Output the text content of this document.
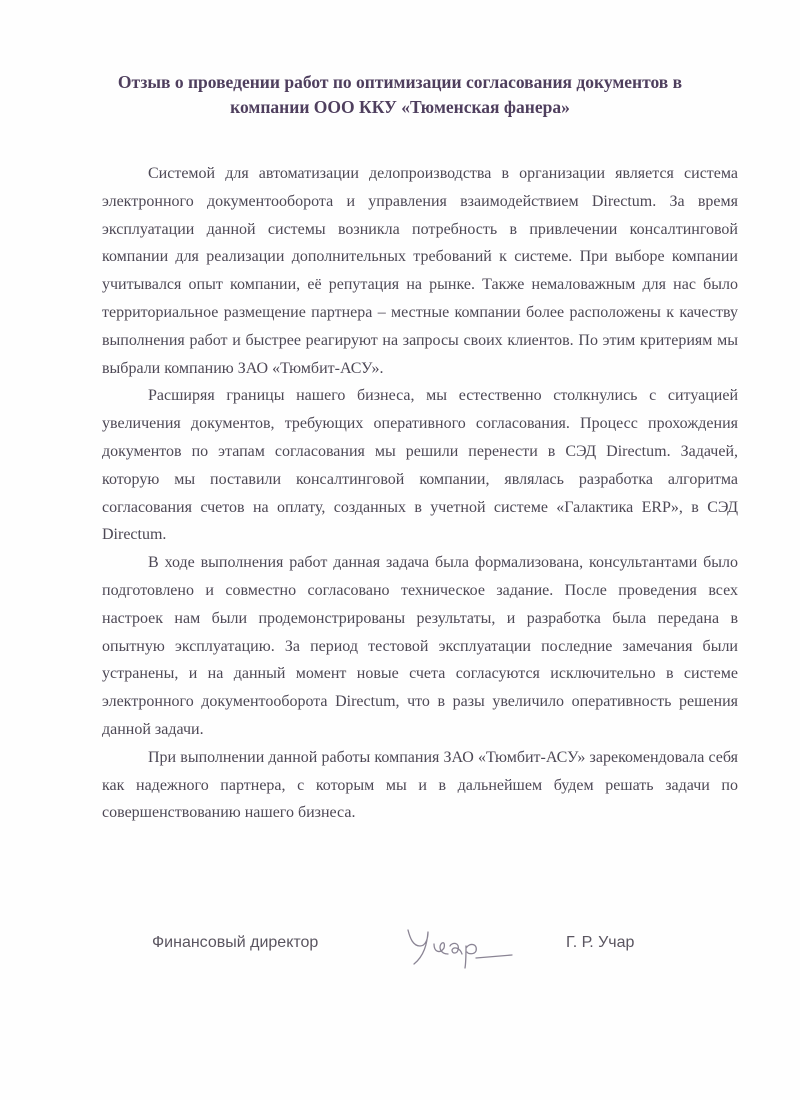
Отзыв о проведении работ по оптимизации согласования документов в компании ООО ККУ «Тюменская фанера»

Системой для автоматизации делопроизводства в организации является система электронного документооборота и управления взаимодействием Directum. За время эксплуатации данной системы возникла потребность в привлечении консалтинговой компании для реализации дополнительных требований к системе. При выборе компании учитывался опыт компании, её репутация на рынке. Также немаловажным для нас было территориальное размещение партнера – местные компании более расположены к качеству выполнения работ и быстрее реагируют на запросы своих клиентов. По этим критериям мы выбрали компанию ЗАО «Тюмбит-АСУ».

Расширяя границы нашего бизнеса, мы естественно столкнулись с ситуацией увеличения документов, требующих оперативного согласования. Процесс прохождения документов по этапам согласования мы решили перенести в СЭД Directum. Задачей, которую мы поставили консалтинговой компании, являлась разработка алгоритма согласования счетов на оплату, созданных в учетной системе «Галактика ERP», в СЭД Directum.

В ходе выполнения работ данная задача была формализована, консультантами было подготовлено и совместно согласовано техническое задание. После проведения всех настроек нам были продемонстрированы результаты, и разработка была передана в опытную эксплуатацию. За период тестовой эксплуатации последние замечания были устранены, и на данный момент новые счета согласуются исключительно в системе электронного документооборота Directum, что в разы увеличило оперативность решения данной задачи.

При выполнении данной работы компания ЗАО «Тюмбит-АСУ» зарекомендовала себя как надежного партнера, с которым мы и в дальнейшем будем решать задачи по совершенствованию нашего бизнеса.

Финансовый директор	Г. Р. Учар
